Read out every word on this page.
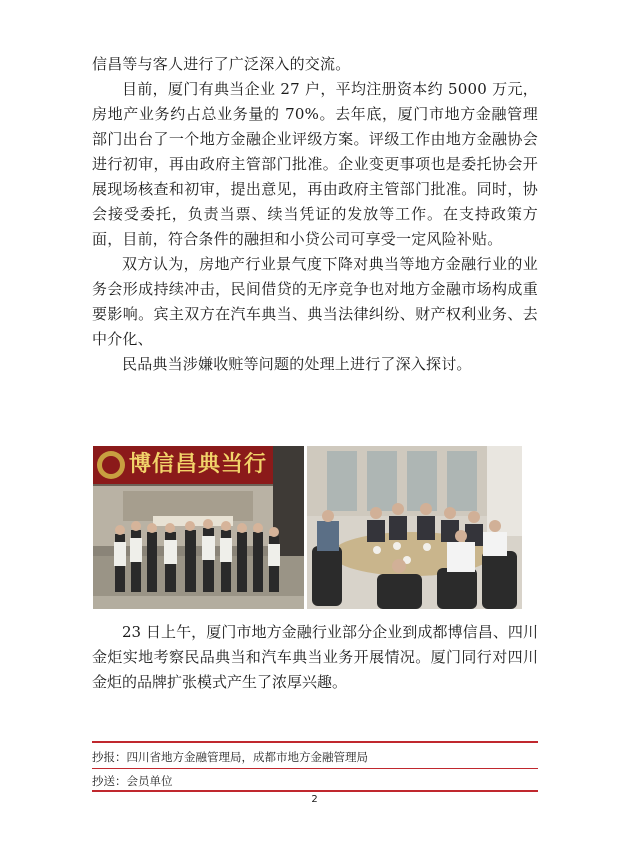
信昌等与客人进行了广泛深入的交流。

目前，厦门有典当企业 27 户，平均注册资本约 5000 万元，房地产业务约占总业务量的 70%。去年底，厦门市地方金融管理部门出台了一个地方金融企业评级方案。评级工作由地方金融协会进行初审，再由政府主管部门批准。企业变更事项也是委托协会开展现场核查和初审，提出意见，再由政府主管部门批准。同时，协会接受委托，负责当票、续当凭证的发放等工作。在支持政策方面，目前，符合条件的融担和小贷公司可享受一定风险补贴。

双方认为，房地产行业景气度下降对典当等地方金融行业的业务会形成持续冲击，民间借贷的无序竞争也对地方金融市场构成重要影响。宾主双方在汽车典当、典当法律纠纷、财产权利业务、去中介化、

民品典当涉嫌收赃等问题的处理上进行了深入探讨。

博信昌典当行

23 日上午，厦门市地方金融行业部分企业到成都博信昌、四川金炬实地考察民品典当和汽车典当业务开展情况。厦门同行对四川金炬的品牌扩张模式产生了浓厚兴趣。

抄报：四川省地方金融管理局，成都市地方金融管理局
抄送：会员单位
2
